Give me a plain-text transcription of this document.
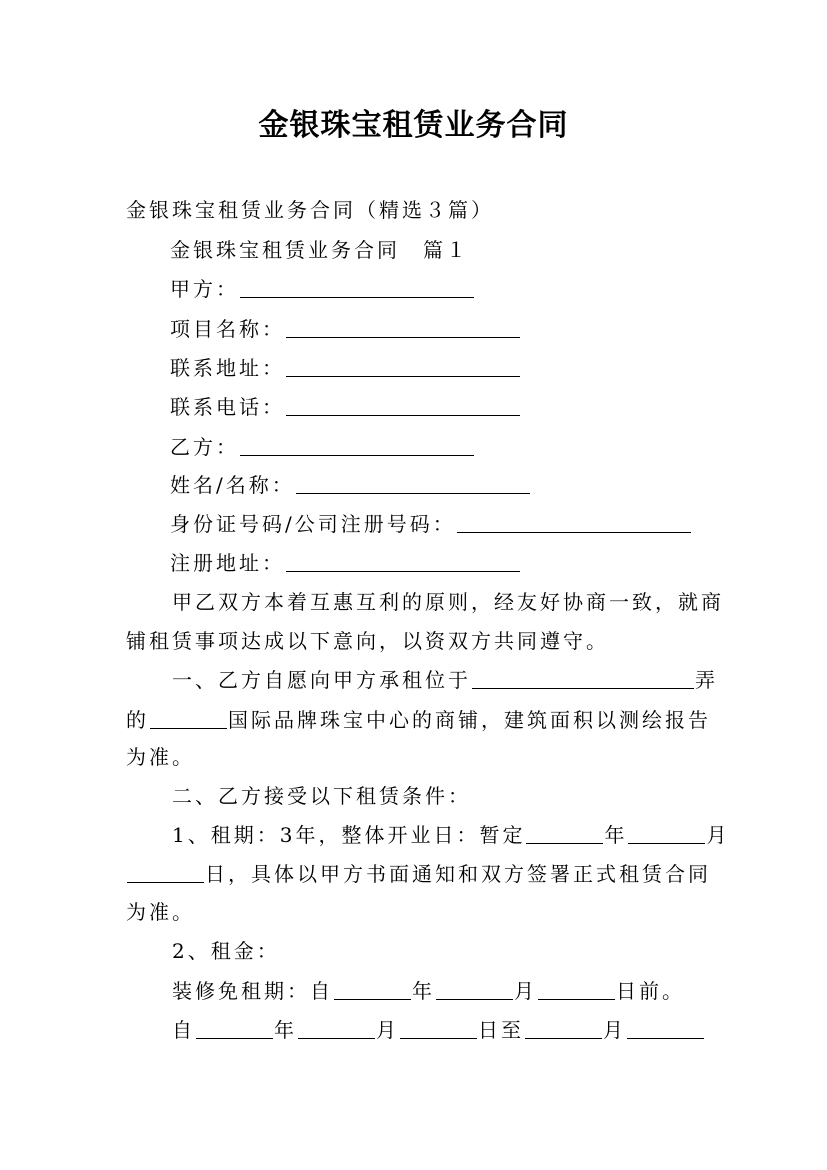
金银珠宝租赁业务合同
金银珠宝租赁业务合同（精选３篇）
金银珠宝租赁业务合同　篇１
甲方：
项目名称：
联系地址：
联系电话：
乙方：
姓名/名称：
身份证号码/公司注册号码：
注册地址：
　　甲乙双方本着互惠互利的原则，经友好协商一致，就商
铺租赁事项达成以下意向，以资双方共同遵守。
　　一、乙方自愿向甲方承租位于	弄
的	国际品牌珠宝中心的商铺，建筑面积以测绘报告
为准。
　　二、乙方接受以下租赁条件：
　　1、租期：3年，整体开业日：暂定	年	月
日，具体以甲方书面通知和双方签署正式租赁合同
为准。
　　2、租金：
　　装修免租期：自	年	月	日前。
　　自	年	月	日至	月
